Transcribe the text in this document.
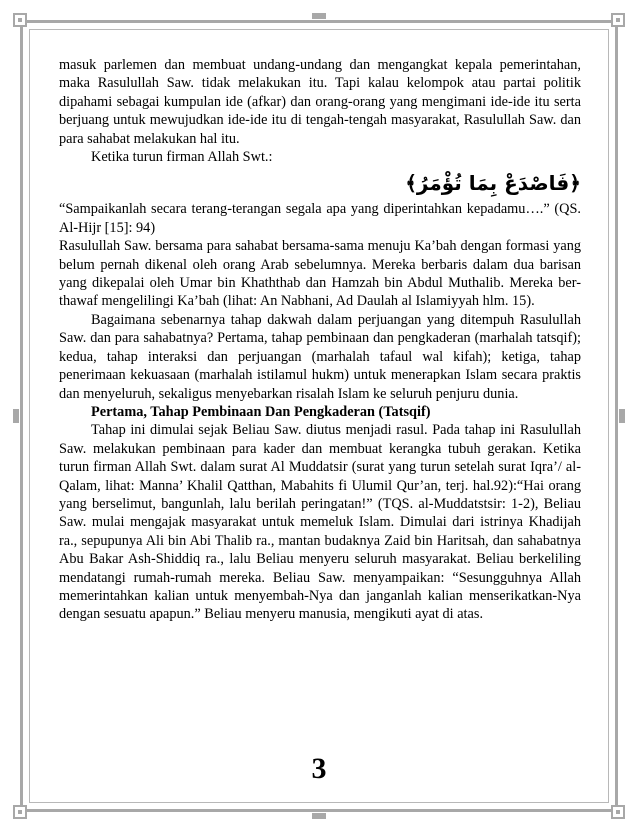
masuk parlemen dan membuat undang-undang dan mengangkat kepala pemerintahan, maka Rasulullah Saw. tidak melakukan itu. Tapi kalau kelompok atau partai politik dipahami sebagai kumpulan ide (afkar) dan orang-orang yang mengimani ide-ide itu serta berjuang untuk mewujudkan ide-ide itu di tengah-tengah masyarakat, Rasulullah Saw. dan para sahabat melakukan hal itu.

Ketika turun firman Allah Swt.:

﴿فَاصْدَعْ بِمَا تُؤْمَرُ﴾

“Sampaikanlah secara terang-terangan segala apa yang diperintahkan kepadamu….” (QS. Al-Hijr [15]: 94)

Rasulullah Saw. bersama para sahabat bersama-sama menuju Ka’bah dengan formasi yang belum pernah dikenal oleh orang Arab sebelumnya. Mereka berbaris dalam dua barisan yang dikepalai oleh Umar bin Khaththab dan Hamzah bin Abdul Muthalib. Mereka ber-thawaf mengelilingi Ka’bah (lihat: An Nabhani, Ad Daulah al Islamiyyah hlm. 15).

Bagaimana sebenarnya tahap dakwah dalam perjuangan yang ditempuh Rasulullah Saw. dan para sahabatnya? Pertama, tahap pembinaan dan pengkaderan (marhalah tatsqif); kedua, tahap interaksi dan perjuangan (marhalah tafaul wal kifah); ketiga, tahap penerimaan kekuasaan (marhalah istilamul hukm) untuk menerapkan Islam secara praktis dan menyeluruh, sekaligus menyebarkan risalah Islam ke seluruh penjuru dunia.

Pertama, Tahap Pembinaan Dan Pengkaderan (Tatsqif)

Tahap ini dimulai sejak Beliau Saw. diutus menjadi rasul. Pada tahap ini Rasulullah Saw. melakukan pembinaan para kader dan membuat kerangka tubuh gerakan. Ketika turun firman Allah Swt. dalam surat Al Muddatsir (surat yang turun setelah surat Iqra’/ al-Qalam, lihat: Manna’ Khalil Qatthan, Mabahits fi Ulumil Qur’an, terj. hal.92):“Hai orang yang berselimut, bangunlah, lalu berilah peringatan!” (TQS. al-Muddatstsir: 1-2), Beliau Saw. mulai mengajak masyarakat untuk memeluk Islam. Dimulai dari istrinya Khadijah ra., sepupunya Ali bin Abi Thalib ra., mantan budaknya Zaid bin Haritsah, dan sahabatnya Abu Bakar Ash-Shiddiq ra., lalu Beliau menyeru seluruh masyarakat. Beliau berkeliling mendatangi rumah-rumah mereka. Beliau Saw. menyampaikan: “Sesungguhnya Allah memerintahkan kalian untuk menyembah-Nya dan janganlah kalian menserikatkan-Nya dengan sesuatu apapun.” Beliau menyeru manusia, mengikuti ayat di atas.

3
